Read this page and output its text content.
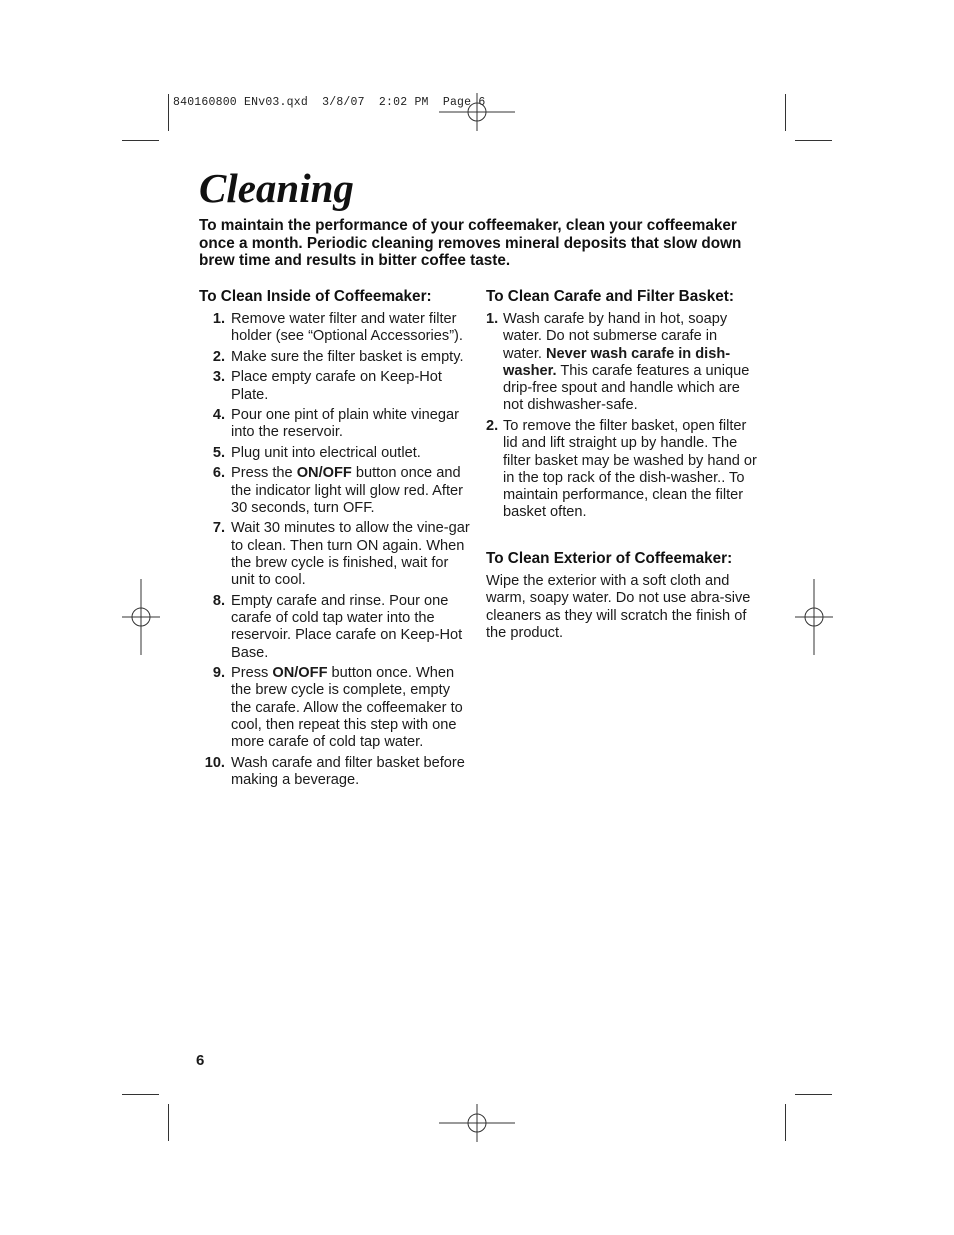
840160800 ENv03.qxd  3/8/07  2:02 PM  Page 6
Cleaning

To maintain the performance of your coffeemaker, clean your coffeemaker once a month. Periodic cleaning removes mineral deposits that slow down brew time and results in bitter coffee taste.

To Clean Inside of Coffeemaker:
1. Remove water filter and water filter holder (see “Optional Accessories”).
2. Make sure the filter basket is empty.
3. Place empty carafe on Keep-Hot Plate.
4. Pour one pint of plain white vinegar into the reservoir.
5. Plug unit into electrical outlet.
6. Press the ON/OFF button once and the indicator light will glow red. After 30 seconds, turn OFF.
7. Wait 30 minutes to allow the vine-gar to clean. Then turn ON again. When the brew cycle is finished, wait for unit to cool.
8. Empty carafe and rinse. Pour one carafe of cold tap water into the reservoir. Place carafe on Keep-Hot Base.
9. Press ON/OFF button once. When the brew cycle is complete, empty the carafe. Allow the coffeemaker to cool, then repeat this step with one more carafe of cold tap water.
10. Wash carafe and filter basket before making a beverage.
To Clean Carafe and Filter Basket:
1. Wash carafe by hand in hot, soapy water. Do not submerse carafe in water. Never wash carafe in dish-washer. This carafe features a unique drip-free spout and handle which are not dishwasher-safe.
2. To remove the filter basket, open filter lid and lift straight up by handle. The filter basket may be washed by hand or in the top rack of the dish-washer.. To maintain performance, clean the filter basket often.
To Clean Exterior of Coffeemaker:

Wipe the exterior with a soft cloth and warm, soapy water. Do not use abra-sive cleaners as they will scratch the finish of the product.

6
